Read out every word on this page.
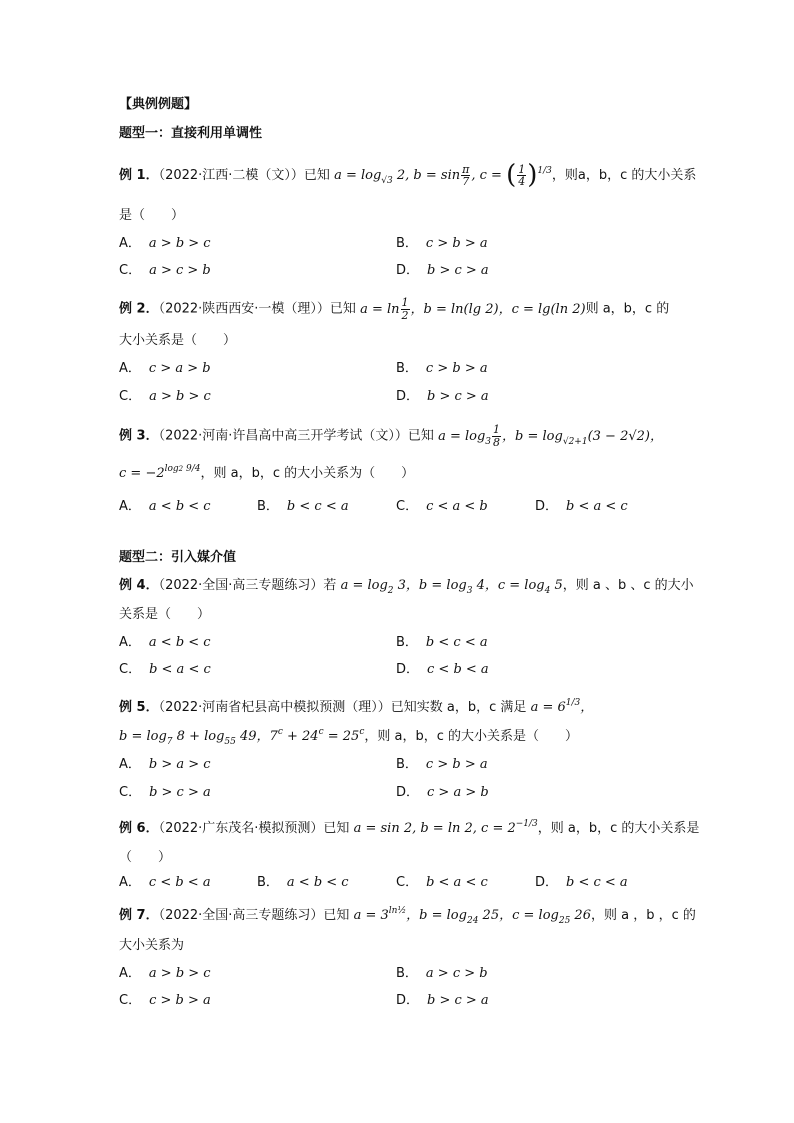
【典例例题】
题型一：直接利用单调性
例 1．（2022·江西·二模（文））已知 $a = \log_{√3} 2$, $b = \sin \frac{\pi}{7}$ , c = ( $\frac{1}{4} )^{1/3}$，则a，b，c 的大小关系
是（　　）
A． a > b > c	B． c > b > a
C． a > c > b	D． b > c > a
例 2．（2022·陕西西安·一模（理））已知 $a = \ln \frac{1}{2}$ ，b = ln(lg 2)，c = lg(ln 2)则 a，b，c 的
大小关系是（　　）
A． c > a > b	B． c > b > a
C． a > b > c	D． b > c > a
例 3．（2022·河南·许昌高中高三开学考试（文））已知 $a = \log_3 \frac{1}{8}$ ，$b = \log_{√2+1}(3 - 2√2)$，
$c = -2^{log2 9/4}$，则 a，b，c 的大小关系为（　　）
A． a < b < c	B． b < c < a	C． c < a < b	D． b < a < c
题型二：引入媒介值
例 4．（2022·全国·高三专题练习）若 $a = \log_2 3$，$b = \log_3 4$，$c = \log_4 5$，则 a 、b 、c 的大小
关系是（　　）
A． a < b < c	B． b < c < a
C． b < a < c	D． c < b < a
例 5．（2022·河南省杞县高中模拟预测（理））已知实数 a，b，c 满足 $a = 6^{1/3}$，
$b = \log_7 8 + \log_{55} 49$，$7^c + 24^c = 25^c$，则 a，b，c 的大小关系是（　　）
A． b > a > c	B． c > b > a
C． b > c > a	D． c > a > b
例 6．（2022·广东茂名·模拟预测）已知 a = sin 2, b = ln 2, $c = 2^{-1/3}$，则 a，b，c 的大小关系是
（　　）
A． c < b < a	B． a < b < c	C． b < a < c	D． b < c < a
例 7．（2022·全国·高三专题练习）已知 $a = 3^{ln\frac{1}{2}}$，$b = \log_{24} 25$，$c = \log_{25} 26$，则 a ，b ，c 的
大小关系为
A． a > b > c	B． a > c > b
C． c > b > a	D． b > c > a
